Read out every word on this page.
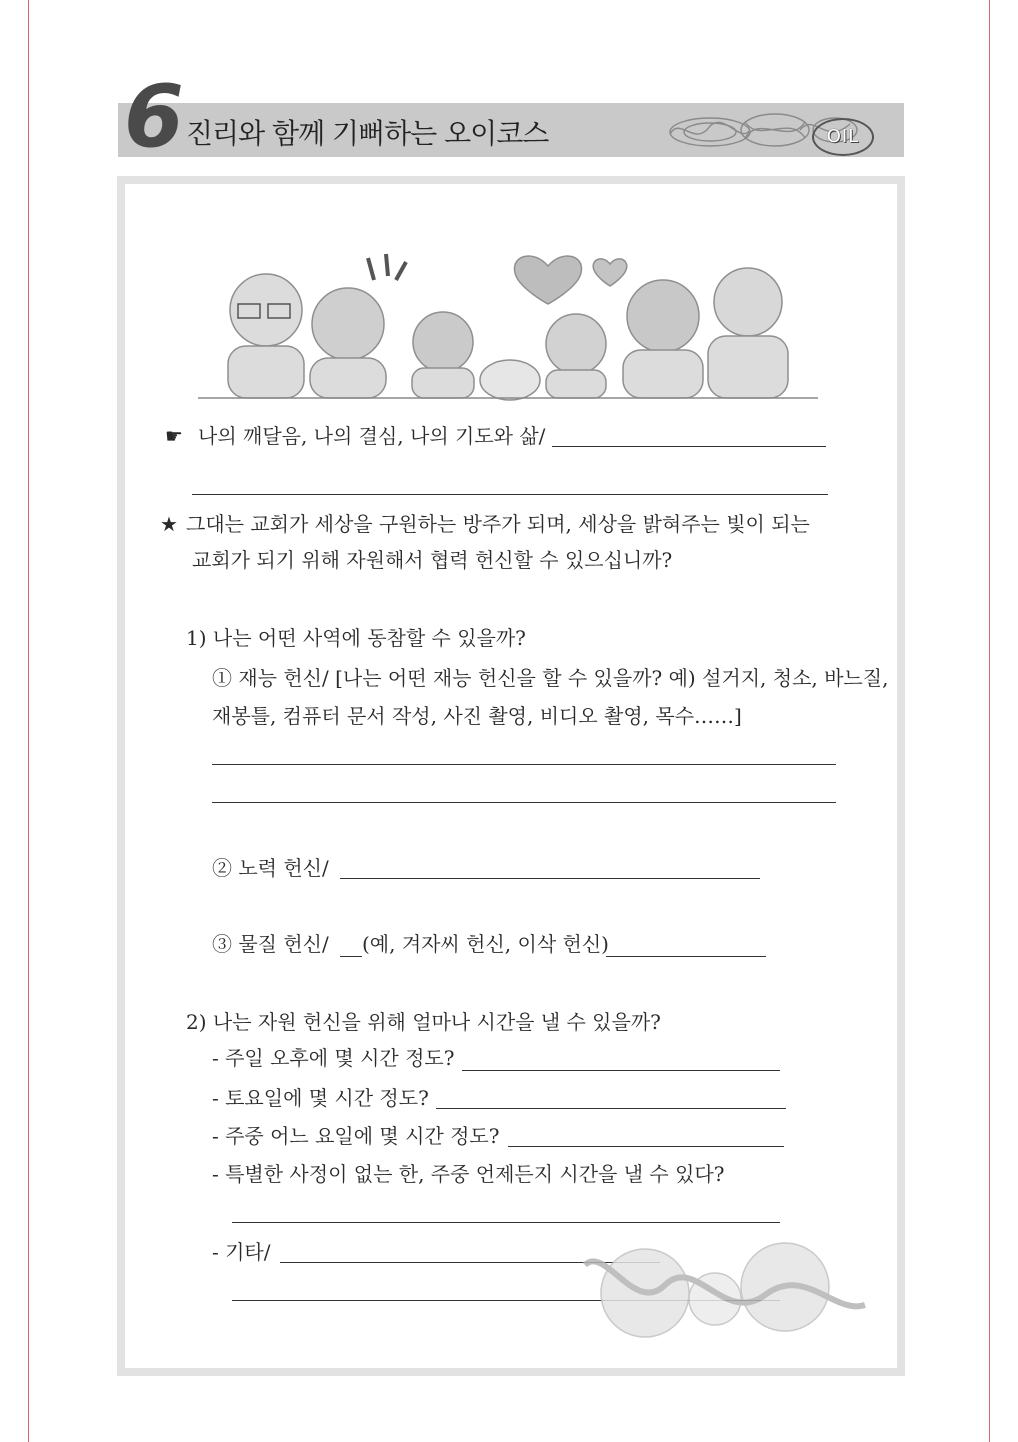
6 진리와 함께 기뻐하는 오이코스	OIL
☛ 나의 깨달음, 나의 결심, 나의 기도와 삶/
★ 그대는 교회가 세상을 구원하는 방주가 되며, 세상을 밝혀주는 빛이 되는
교회가 되기 위해 자원해서 협력 헌신할 수 있으십니까?
1) 나는 어떤 사역에 동참할 수 있을까?
① 재능 헌신/ [나는 어떤 재능 헌신을 할 수 있을까? 예) 설거지, 청소, 바느질,
재봉틀, 컴퓨터 문서 작성, 사진 촬영, 비디오 촬영, 목수……]
② 노력 헌신/
③ 물질 헌신/ (예, 겨자씨 헌신, 이삭 헌신)
2) 나는 자원 헌신을 위해 얼마나 시간을 낼 수 있을까?
- 주일 오후에 몇 시간 정도?
- 토요일에 몇 시간 정도?
- 주중 어느 요일에 몇 시간 정도?
- 특별한 사정이 없는 한, 주중 언제든지 시간을 낼 수 있다?
- 기타/
